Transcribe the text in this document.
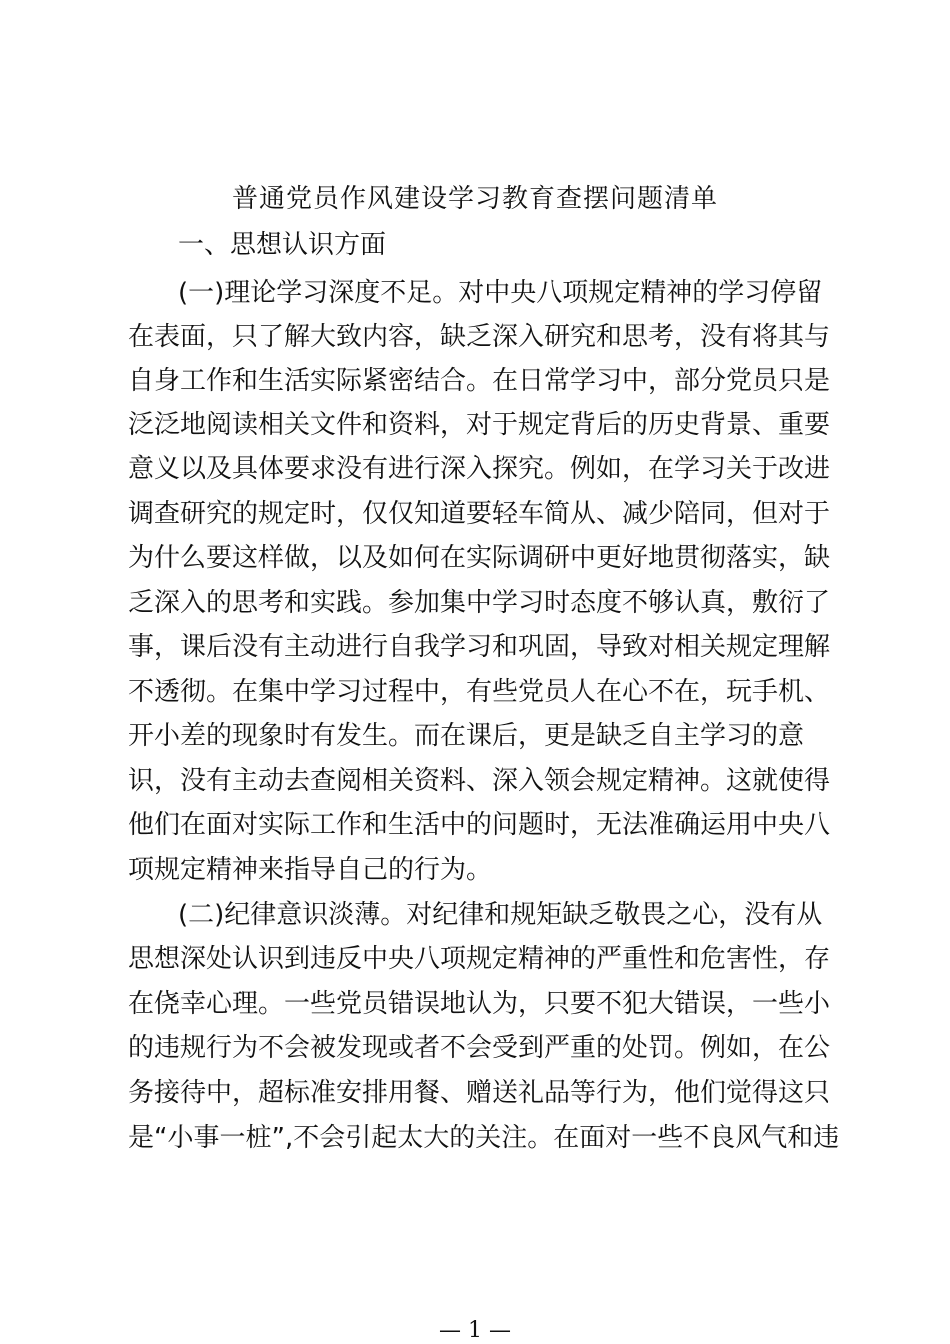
普通党员作风建设学习教育查摆问题清单
一、思想认识方面
(一)理论学习深度不足。对中央八项规定精神的学习停留
在表面，只了解大致内容，缺乏深入研究和思考，没有将其与
自身工作和生活实际紧密结合。在日常学习中，部分党员只是
泛泛地阅读相关文件和资料，对于规定背后的历史背景、重要
意义以及具体要求没有进行深入探究。例如，在学习关于改进
调查研究的规定时，仅仅知道要轻车简从、减少陪同，但对于
为什么要这样做，以及如何在实际调研中更好地贯彻落实，缺
乏深入的思考和实践。参加集中学习时态度不够认真，敷衍了
事，课后没有主动进行自我学习和巩固，导致对相关规定理解
不透彻。在集中学习过程中，有些党员人在心不在，玩手机、
开小差的现象时有发生。而在课后，更是缺乏自主学习的意
识，没有主动去查阅相关资料、深入领会规定精神。这就使得
他们在面对实际工作和生活中的问题时，无法准确运用中央八
项规定精神来指导自己的行为。
(二)纪律意识淡薄。对纪律和规矩缺乏敬畏之心，没有从
思想深处认识到违反中央八项规定精神的严重性和危害性，存
在侥幸心理。一些党员错误地认为，只要不犯大错误，一些小
的违规行为不会被发现或者不会受到严重的处罚。例如，在公
务接待中，超标准安排用餐、赠送礼品等行为，他们觉得这只
是“小事一桩”,不会引起太大的关注。在面对一些不良风气和违
— 1 —
